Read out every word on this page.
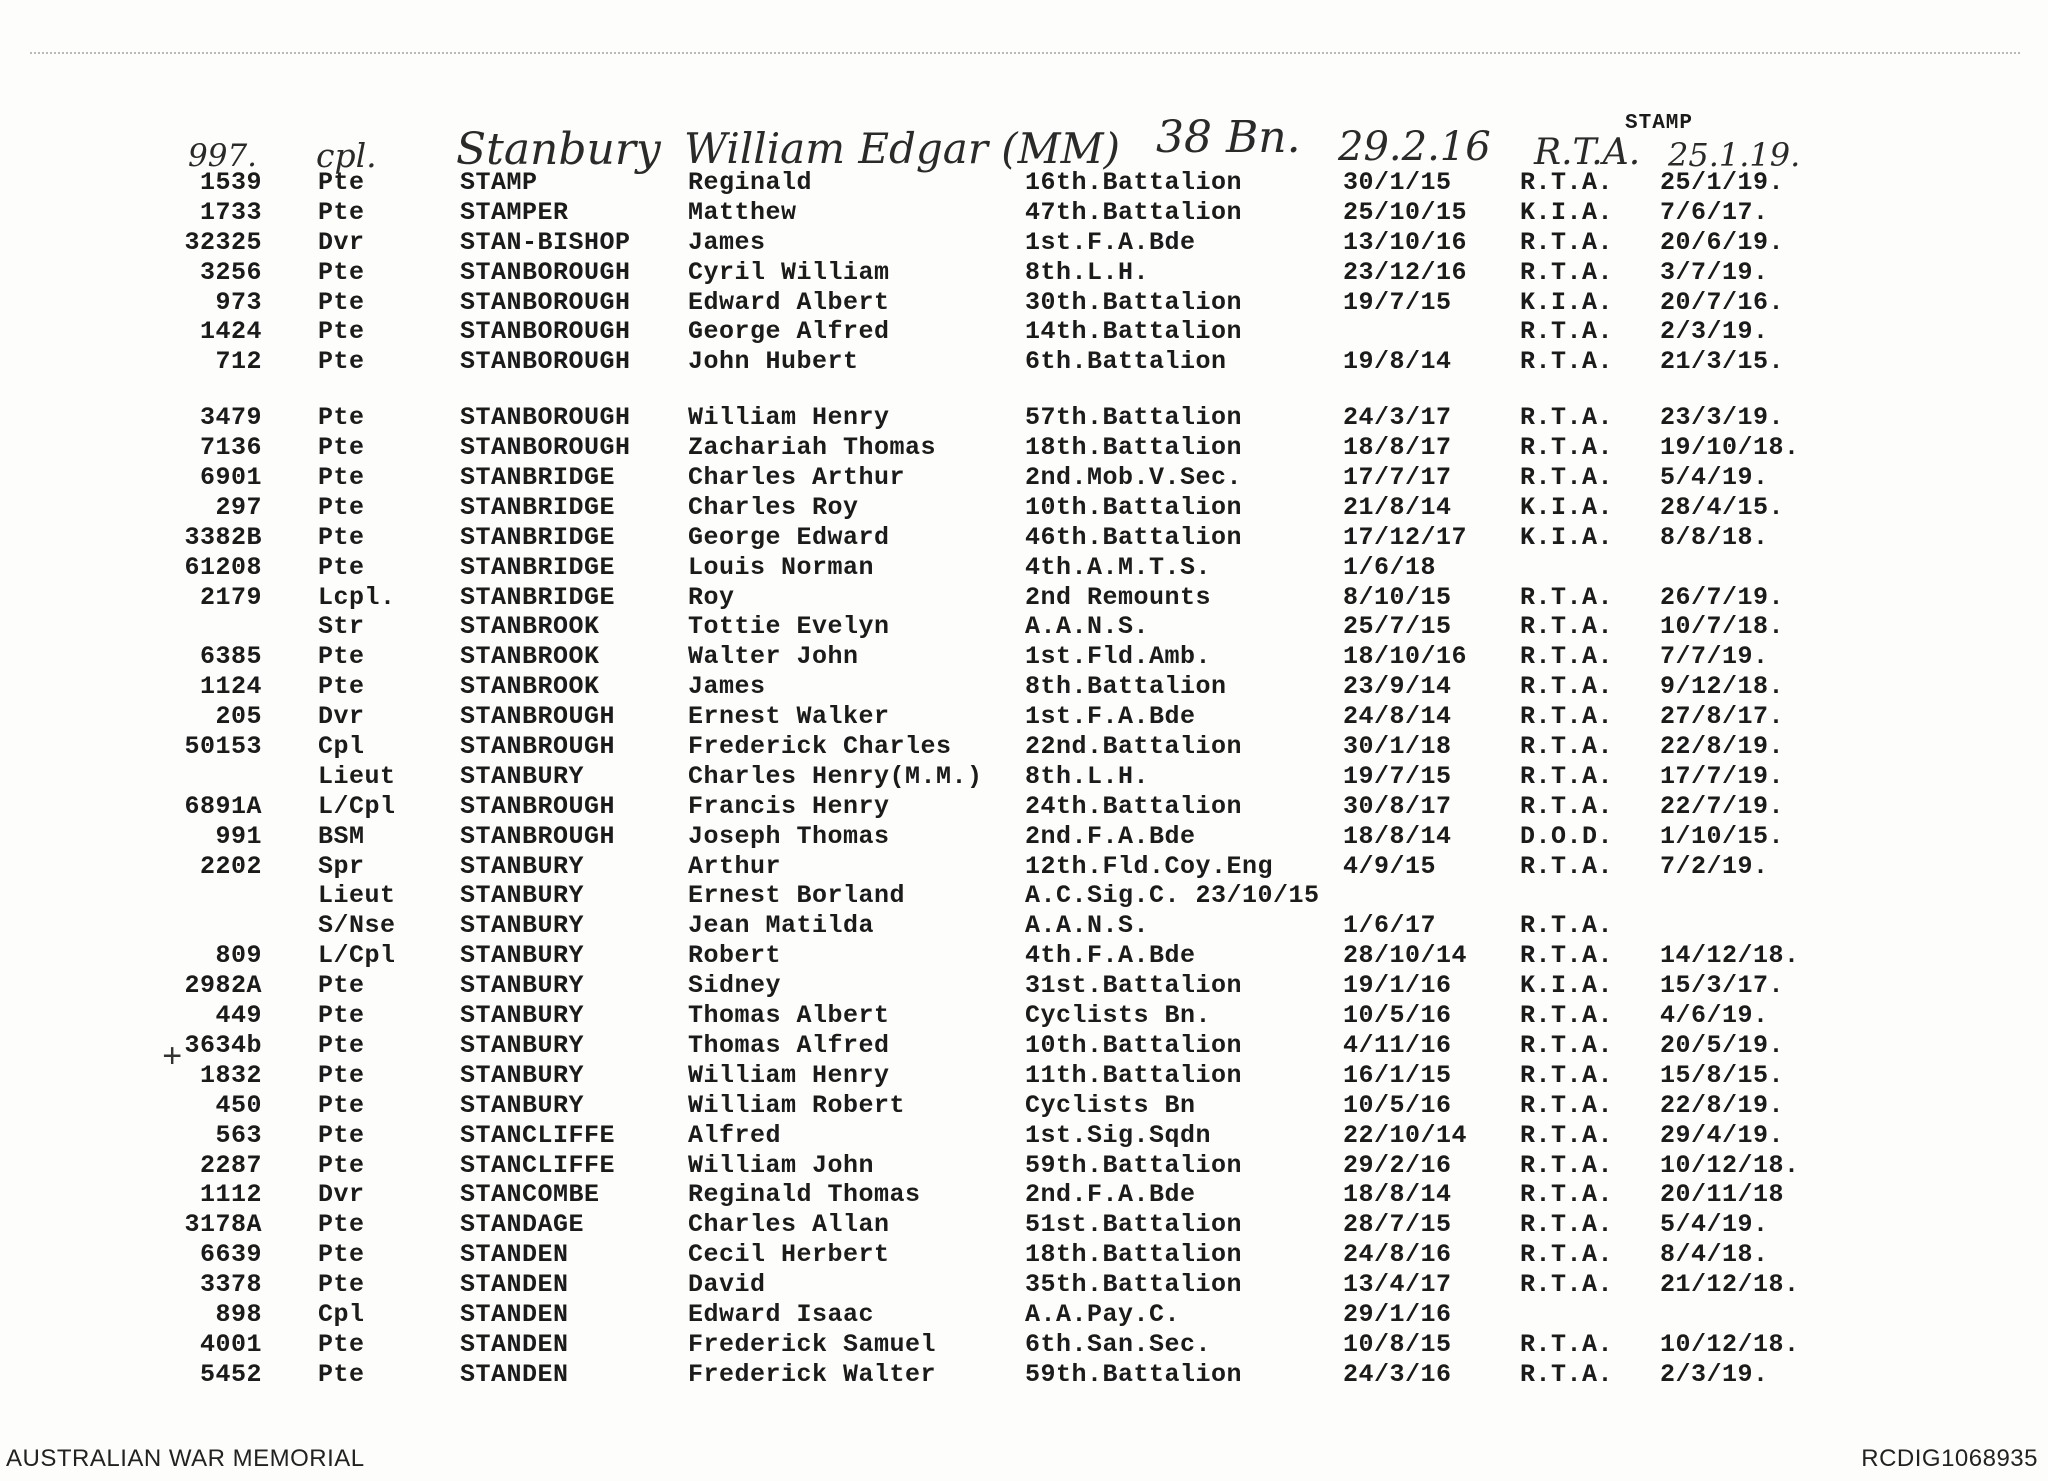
STAMP
997. cpl. Stanbury William Edgar (MM) 38 Bn. 29.2.16 R.T.A. 25.1.19.
1539 Pte	STAMP	Reginald	16th.Battalion	30/1/15	R.T.A. 25/1/19.
1733 Pte	STAMPER	Matthew	47th.Battalion	25/10/15 K.I.A. 7/6/17.
32325 Dvr	STAN-BISHOP James	1st.F.A.Bde	13/10/16 R.T.A. 20/6/19.
3256 Pte	STANBOROUGH Cyril William	8th.L.H.	23/12/16 R.T.A. 3/7/19.
973 Pte	STANBOROUGH Edward Albert	30th.Battalion	19/7/15	K.I.A. 20/7/16.
1424 Pte	STANBOROUGH George Alfred	14th.Battalion	R.T.A. 2/3/19.
712 Pte	STANBOROUGH John Hubert	6th.Battalion	19/8/14	R.T.A. 21/3/15.
3479 Pte	STANBOROUGH William Henry	57th.Battalion	24/3/17	R.T.A. 23/3/19.
7136 Pte	STANBOROUGH Zachariah Thomas	18th.Battalion	18/8/17	R.T.A. 19/10/18.
6901 Pte	STANBRIDGE	Charles Arthur	2nd.Mob.V.Sec.	17/7/17	R.T.A. 5/4/19.
297 Pte	STANBRIDGE	Charles Roy	10th.Battalion	21/8/14	K.I.A. 28/4/15.
3382B Pte	STANBRIDGE	George Edward	46th.Battalion	17/12/17 K.I.A. 8/8/18.
61208 Pte	STANBRIDGE	Louis Norman	4th.A.M.T.S.	1/6/18
2179 Lcpl.	STANBRIDGE	Roy	2nd Remounts	8/10/15	R.T.A. 26/7/19.
Str	STANBROOK	Tottie Evelyn	A.A.N.S.	25/7/15	R.T.A. 10/7/18.
6385 Pte	STANBROOK	Walter John	1st.Fld.Amb.	18/10/16 R.T.A. 7/7/19.
1124 Pte	STANBROOK	James	8th.Battalion	23/9/14	R.T.A. 9/12/18.
205 Dvr	STANBROUGH	Ernest Walker	1st.F.A.Bde	24/8/14	R.T.A. 27/8/17.
50153 Cpl	STANBROUGH	Frederick Charles	22nd.Battalion	30/1/18	R.T.A. 22/8/19.
Lieut	STANBURY	Charles Henry(M.M.) 8th.L.H.	19/7/15	R.T.A. 17/7/19.
6891A L/Cpl	STANBROUGH	Francis Henry	24th.Battalion	30/8/17	R.T.A. 22/7/19.
991 BSM	STANBROUGH	Joseph Thomas	2nd.F.A.Bde	18/8/14	D.O.D. 1/10/15.
2202 Spr	STANBURY	Arthur	12th.Fld.Coy.Eng	4/9/15	R.T.A. 7/2/19.
Lieut	STANBURY	Ernest Borland	A.C.Sig.C. 23/10/15
S/Nse	STANBURY	Jean Matilda	A.A.N.S.	1/6/17	R.T.A.
809 L/Cpl	STANBURY	Robert	4th.F.A.Bde	28/10/14 R.T.A. 14/12/18.
2982A Pte	STANBURY	Sidney	31st.Battalion	19/1/16	K.I.A. 15/3/17.
449 Pte	STANBURY	Thomas Albert	Cyclists Bn.	10/5/16	R.T.A. 4/6/19.
3634b Pte	STANBURY	Thomas Alfred	10th.Battalion	4/11/16	R.T.A. 20/5/19.
1832 Pte	STANBURY	William Henry	11th.Battalion	16/1/15	R.T.A. 15/8/15.
450 Pte	STANBURY	William Robert	Cyclists Bn	10/5/16	R.T.A. 22/8/19.
563 Pte	STANCLIFFE	Alfred	1st.Sig.Sqdn	22/10/14 R.T.A. 29/4/19.
2287 Pte	STANCLIFFE	William John	59th.Battalion	29/2/16	R.T.A. 10/12/18.
1112 Dvr	STANCOMBE	Reginald Thomas	2nd.F.A.Bde	18/8/14	R.T.A. 20/11/18
3178A Pte	STANDAGE	Charles Allan	51st.Battalion	28/7/15	R.T.A. 5/4/19.
6639 Pte	STANDEN	Cecil Herbert	18th.Battalion	24/8/16	R.T.A. 8/4/18.
3378 Pte	STANDEN	David	35th.Battalion	13/4/17	R.T.A. 21/12/18.
898 Cpl	STANDEN	Edward Isaac	A.A.Pay.C.	29/1/16
4001 Pte	STANDEN	Frederick Samuel	6th.San.Sec.	10/8/15	R.T.A. 10/12/18.
5452 Pte	STANDEN	Frederick Walter	59th.Battalion	24/3/16	R.T.A. 2/3/19.
+
AUSTRALIAN WAR MEMORIAL	RCDIG1068935
